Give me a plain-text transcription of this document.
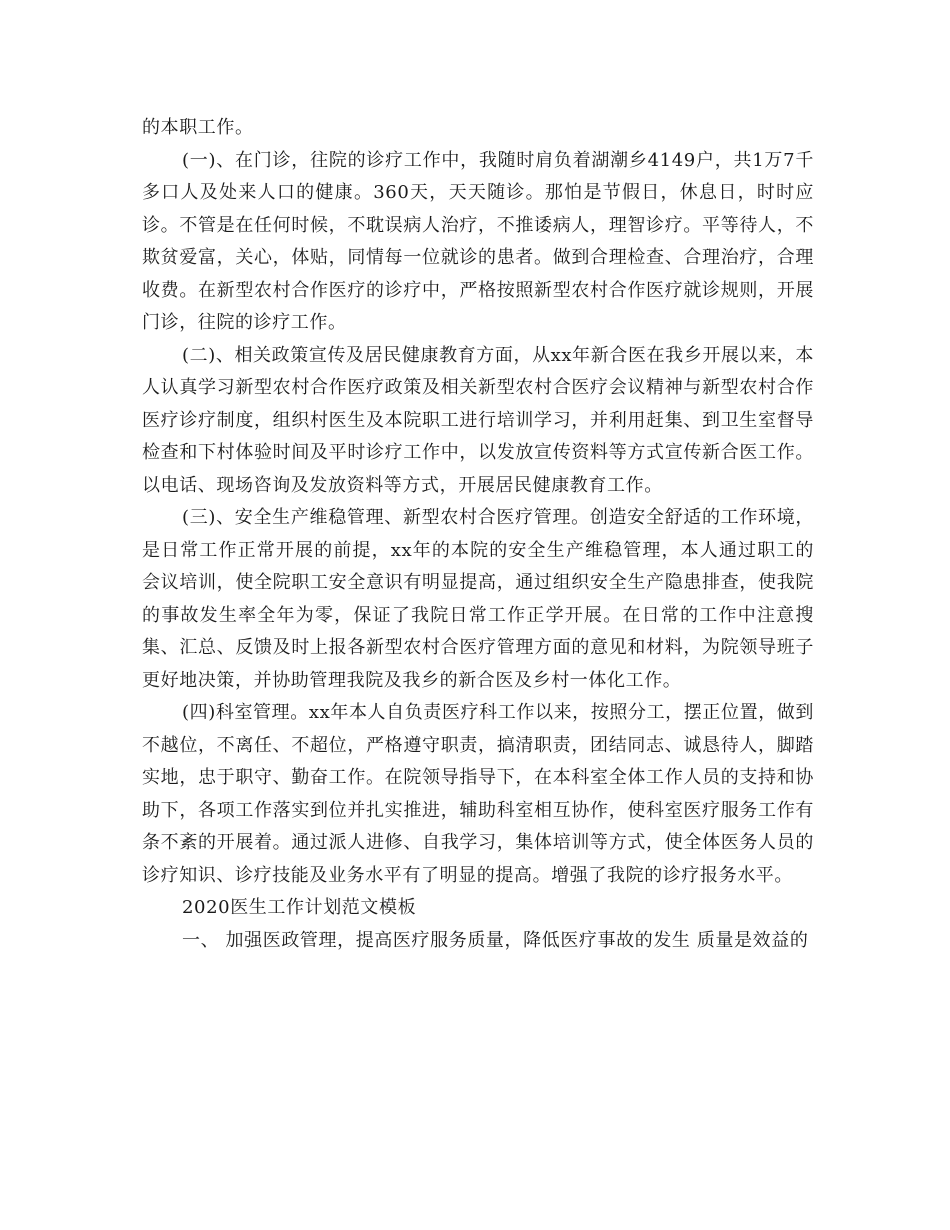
的本职工作。

(一)、在门诊，往院的诊疗工作中，我随时肩负着湖潮乡4149户，共1万7千多口人及处来人口的健康。360天，天天随诊。那怕是节假日，休息日，时时应诊。不管是在任何时候，不耽误病人治疗，不推诿病人，理智诊疗。平等待人，不欺贫爱富，关心，体贴，同情每一位就诊的患者。做到合理检查、合理治疗，合理收费。在新型农村合作医疗的诊疗中，严格按照新型农村合作医疗就诊规则，开展门诊，往院的诊疗工作。

(二)、相关政策宣传及居民健康教育方面，从xx年新合医在我乡开展以来，本人认真学习新型农村合作医疗政策及相关新型农村合医疗会议精神与新型农村合作医疗诊疗制度，组织村医生及本院职工进行培训学习，并利用赶集、到卫生室督导检查和下村体验时间及平时诊疗工作中，以发放宣传资料等方式宣传新合医工作。以电话、现场咨询及发放资料等方式，开展居民健康教育工作。

(三)、安全生产维稳管理、新型农村合医疗管理。创造安全舒适的工作环境，是日常工作正常开展的前提，xx年的本院的安全生产维稳管理，本人通过职工的会议培训，使全院职工安全意识有明显提高，通过组织安全生产隐患排查，使我院的事故发生率全年为零，保证了我院日常工作正学开展。在日常的工作中注意搜集、汇总、反馈及时上报各新型农村合医疗管理方面的意见和材料，为院领导班子更好地决策，并协助管理我院及我乡的新合医及乡村一体化工作。

(四)科室管理。xx年本人自负责医疗科工作以来，按照分工，摆正位置，做到不越位，不离任、不超位，严格遵守职责，搞清职责，团结同志、诚恳待人，脚踏实地，忠于职守、勤奋工作。在院领导指导下，在本科室全体工作人员的支持和协助下，各项工作落实到位并扎实推进，辅助科室相互协作，使科室医疗服务工作有条不紊的开展着。通过派人进修、自我学习，集体培训等方式，使全体医务人员的诊疗知识、诊疗技能及业务水平有了明显的提高。增强了我院的诊疗报务水平。

2020医生工作计划范文模板

一、 加强医政管理，提高医疗服务质量，降低医疗事故的发生 质量是效益的
